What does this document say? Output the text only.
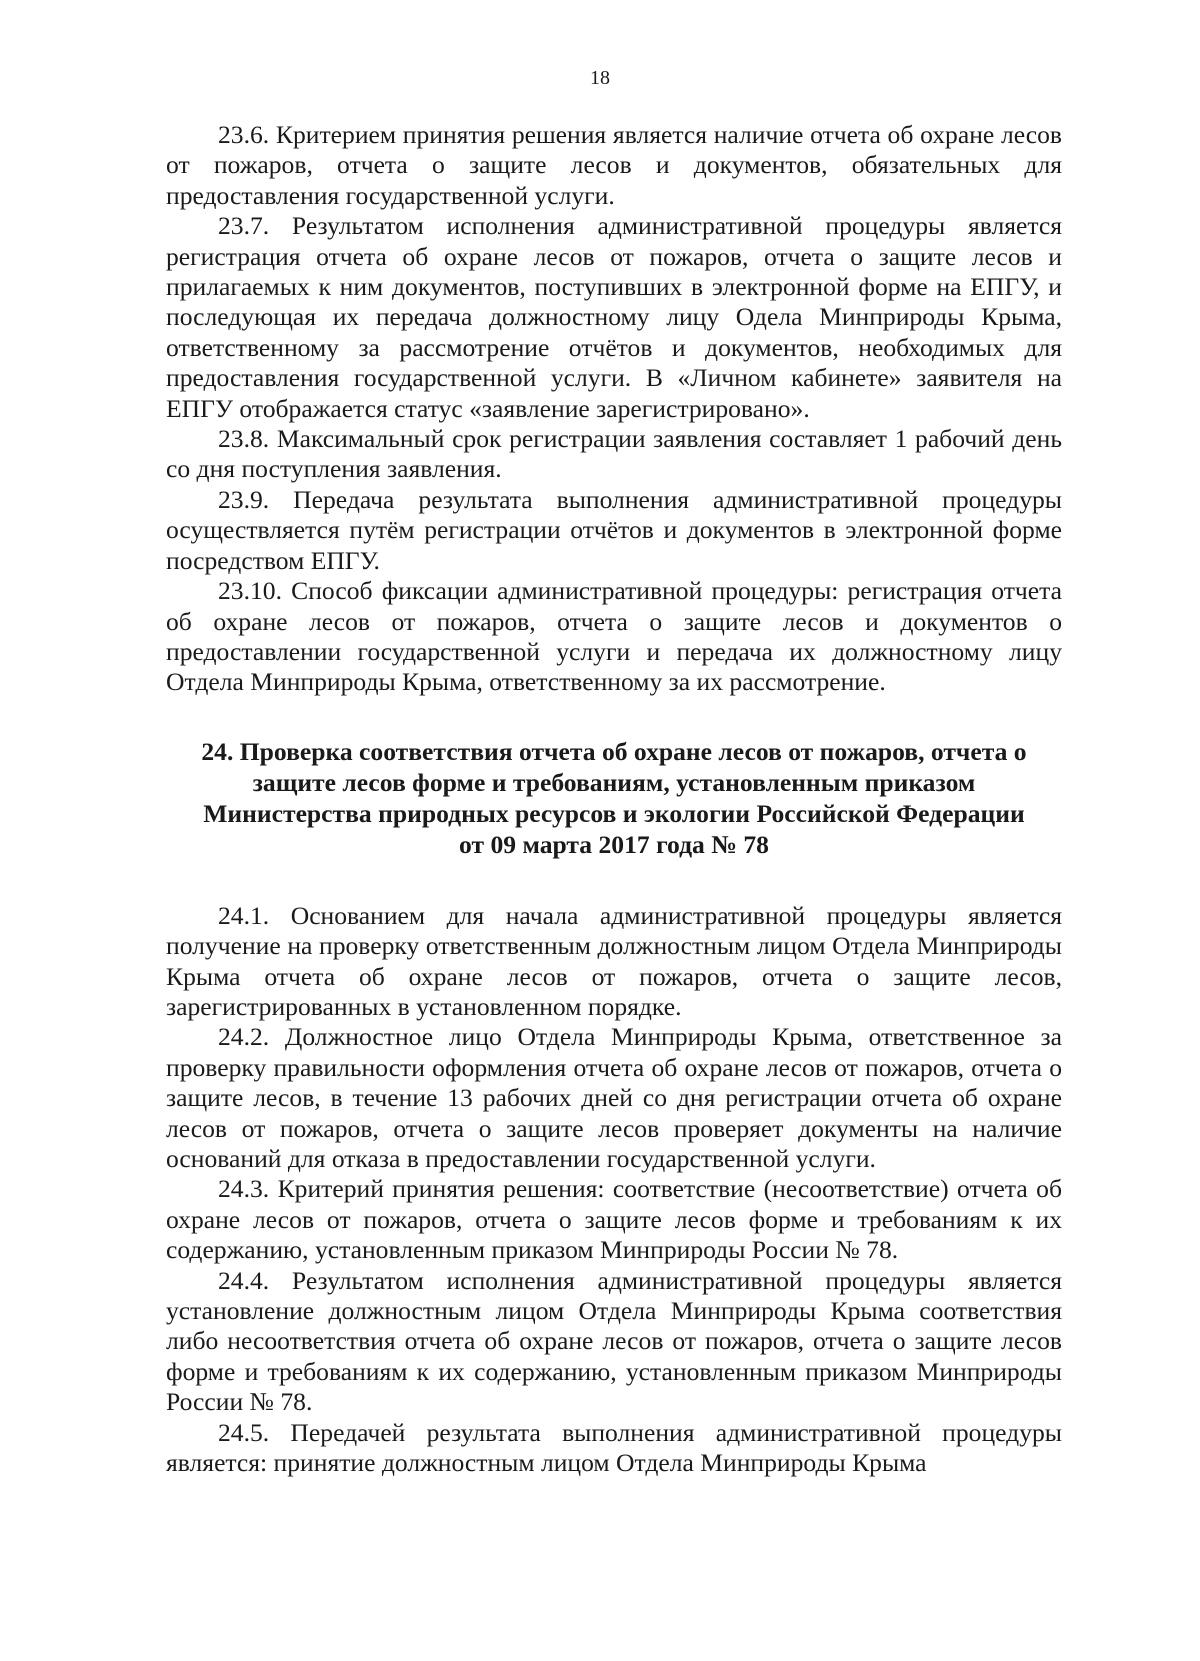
18

23.6. Критерием принятия решения является наличие отчета об охране лесов от пожаров, отчета о защите лесов и документов, обязательных для предоставления государственной услуги.

23.7. Результатом исполнения административной процедуры является регистрация отчета об охране лесов от пожаров, отчета о защите лесов и прилагаемых к ним документов, поступивших в электронной форме на ЕПГУ, и последующая их передача должностному лицу Одела Минприроды Крыма, ответственному за рассмотрение отчётов и документов, необходимых для предоставления государственной услуги. В «Личном кабинете» заявителя на ЕПГУ отображается статус «заявление зарегистрировано».

23.8. Максимальный срок регистрации заявления составляет 1 рабочий день со дня поступления заявления.

23.9. Передача результата выполнения административной процедуры осуществляется путём регистрации отчётов и документов в электронной форме посредством ЕПГУ.

23.10. Способ фиксации административной процедуры: регистрация отчета об охране лесов от пожаров, отчета о защите лесов и документов о предоставлении государственной услуги и передача их должностному лицу Отдела Минприроды Крыма, ответственному за их рассмотрение.

24. Проверка соответствия отчета об охране лесов от пожаров, отчета о
защите лесов форме и требованиям, установленным приказом
Министерства природных ресурсов и экологии Российской Федерации
от 09 марта 2017 года № 78

24.1. Основанием для начала административной процедуры является получение на проверку ответственным должностным лицом Отдела Минприроды Крыма отчета об охране лесов от пожаров, отчета о защите лесов, зарегистрированных в установленном порядке.

24.2. Должностное лицо Отдела Минприроды Крыма, ответственное за проверку правильности оформления отчета об охране лесов от пожаров, отчета о защите лесов, в течение 13 рабочих дней со дня регистрации отчета об охране лесов от пожаров, отчета о защите лесов проверяет документы на наличие оснований для отказа в предоставлении государственной услуги.

24.3. Критерий принятия решения: соответствие (несоответствие) отчета об охране лесов от пожаров, отчета о защите лесов форме и требованиям к их содержанию, установленным приказом Минприроды России № 78.

24.4. Результатом исполнения административной процедуры является установление должностным лицом Отдела Минприроды Крыма соответствия либо несоответствия отчета об охране лесов от пожаров, отчета о защите лесов форме и требованиям к их содержанию, установленным приказом Минприроды России № 78.

24.5. Передачей результата выполнения административной процедуры является: принятие должностным лицом Отдела Минприроды Крыма
